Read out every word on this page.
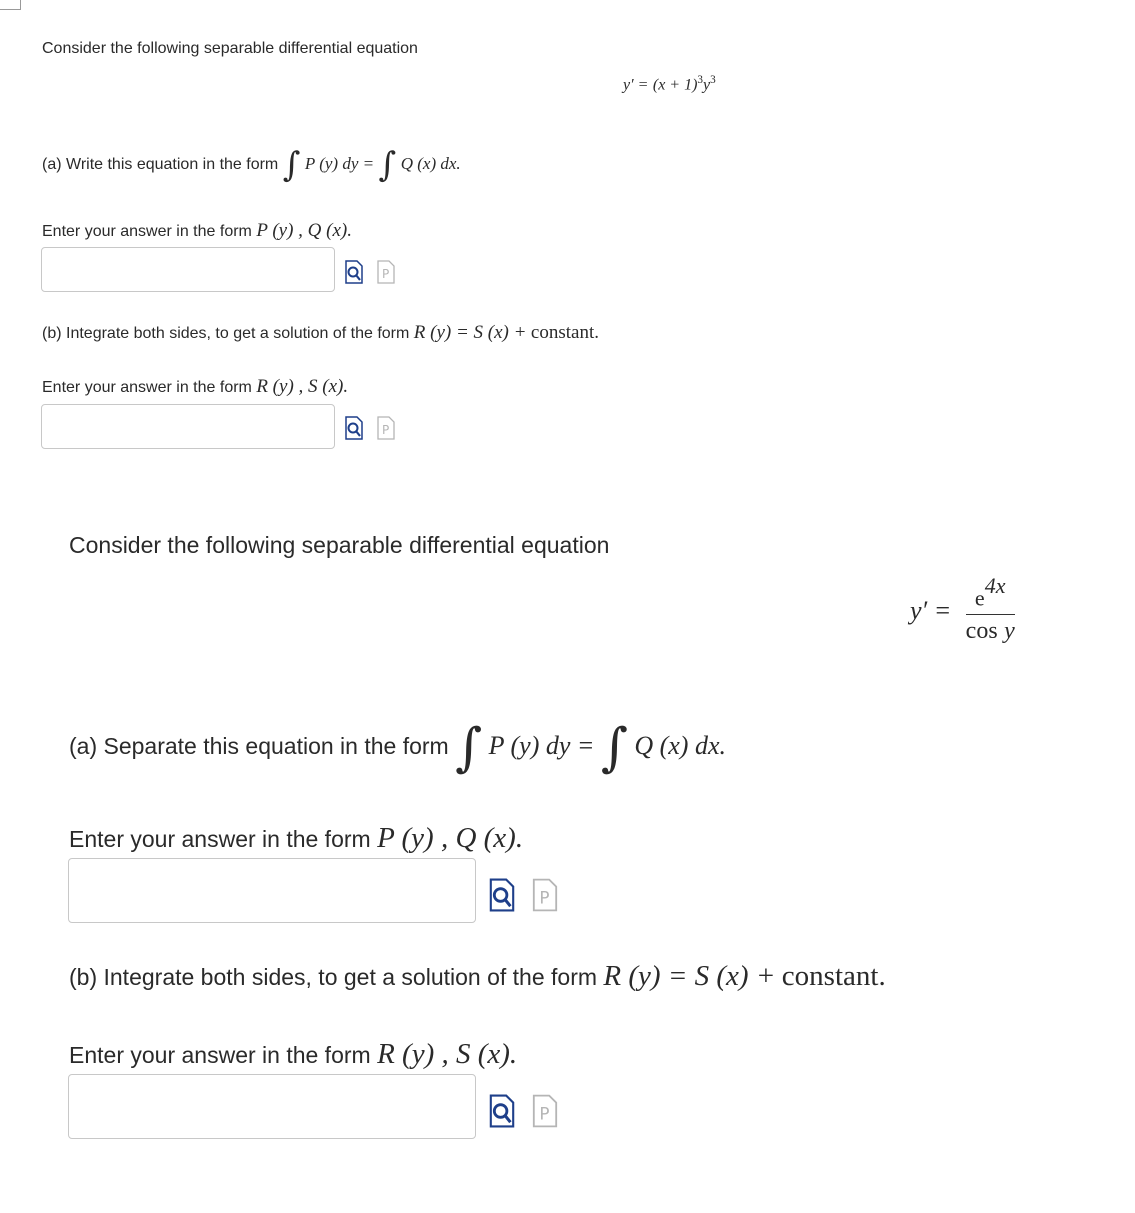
Consider the following separable differential equation
$y' = (x + 1)^3y^3$
(a) Write this equation in the form ∫ P (y) dy = ∫ Q (x) dx.
Enter your answer in the form P (y) , Q (x).
P
(b) Integrate both sides, to get a solution of the form R (y) = S (x) + constant.
Enter your answer in the form R (y) , S (x).
P
Consider the following separable differential equation
$y' = \frac{e^{4x}}{\text{cos y}}$
(a) Separate this equation in the form ∫ P (y) dy = ∫ Q (x) dx.
Enter your answer in the form P (y) , Q (x).
P
(b) Integrate both sides, to get a solution of the form R (y) = S (x) + constant.
Enter your answer in the form R (y) , S (x).
P
